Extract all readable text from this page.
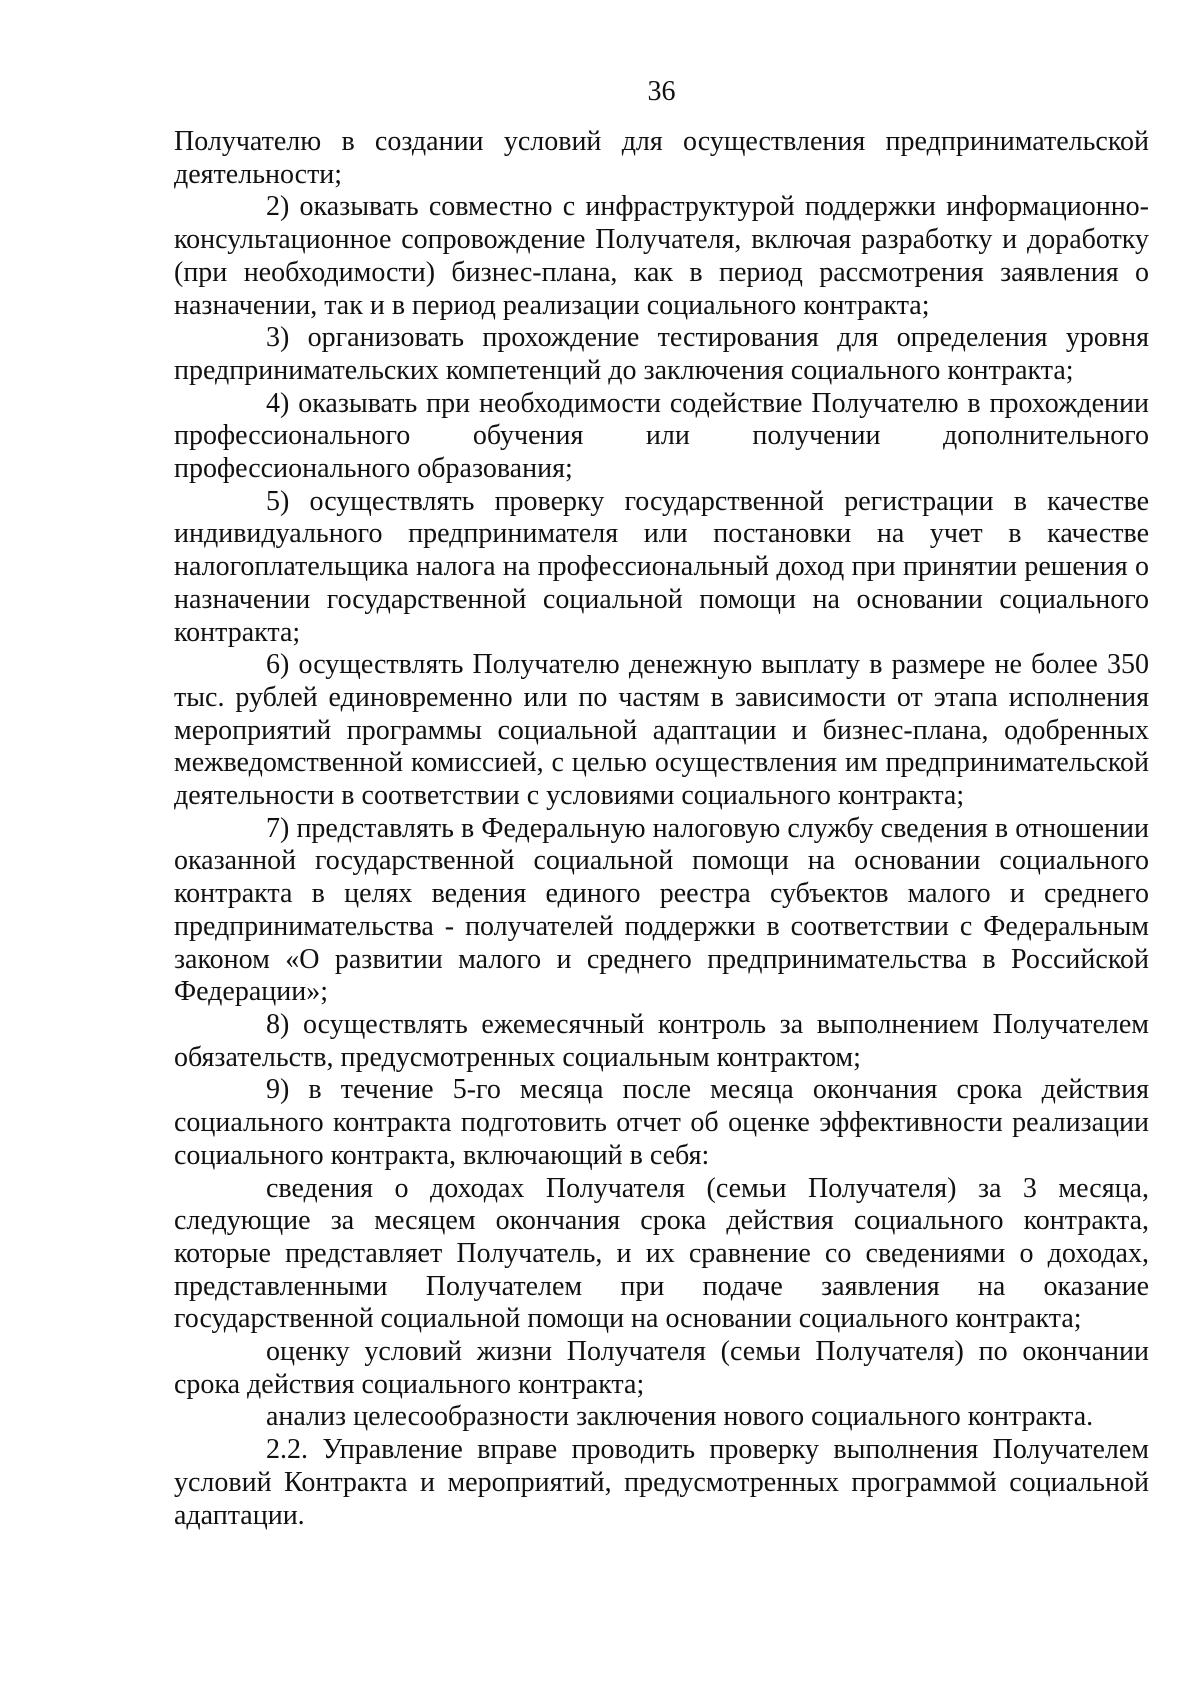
36

Получателю в создании условий для осуществления предпринимательской деятельности;

2) оказывать совместно с инфраструктурой поддержки информационно-консультационное сопровождение Получателя, включая разработку и доработку (при необходимости) бизнес-плана, как в период рассмотрения заявления о назначении, так и в период реализации социального контракта;

3) организовать прохождение тестирования для определения уровня предпринимательских компетенций до заключения социального контракта;

4) оказывать при необходимости содействие Получателю в прохождении профессионального обучения или получении дополнительного профессионального образования;

5) осуществлять проверку государственной регистрации в качестве индивидуального предпринимателя или постановки на учет в качестве налогоплательщика налога на профессиональный доход при принятии решения о назначении государственной социальной помощи на основании социального контракта;

6) осуществлять Получателю денежную выплату в размере не более 350 тыс. рублей единовременно или по частям в зависимости от этапа исполнения мероприятий программы социальной адаптации и бизнес-плана, одобренных межведомственной комиссией, с целью осуществления им предпринимательской деятельности в соответствии с условиями социального контракта;

7) представлять в Федеральную налоговую службу сведения в отношении оказанной государственной социальной помощи на основании социального контракта в целях ведения единого реестра субъектов малого и среднего предпринимательства - получателей поддержки в соответствии с Федеральным законом «О развитии малого и среднего предпринимательства в Российской Федерации»;

8) осуществлять ежемесячный контроль за выполнением Получателем обязательств, предусмотренных социальным контрактом;

9) в течение 5-го месяца после месяца окончания срока действия социального контракта подготовить отчет об оценке эффективности реализации социального контракта, включающий в себя:

сведения о доходах Получателя (семьи Получателя) за 3 месяца, следующие за месяцем окончания срока действия социального контракта, которые представляет Получатель, и их сравнение со сведениями о доходах, представленными Получателем при подаче заявления на оказание государственной социальной помощи на основании социального контракта;

оценку условий жизни Получателя (семьи Получателя) по окончании срока действия социального контракта;

анализ целесообразности заключения нового социального контракта.

2.2. Управление вправе проводить проверку выполнения Получателем условий Контракта и мероприятий, предусмотренных программой социальной адаптации.
